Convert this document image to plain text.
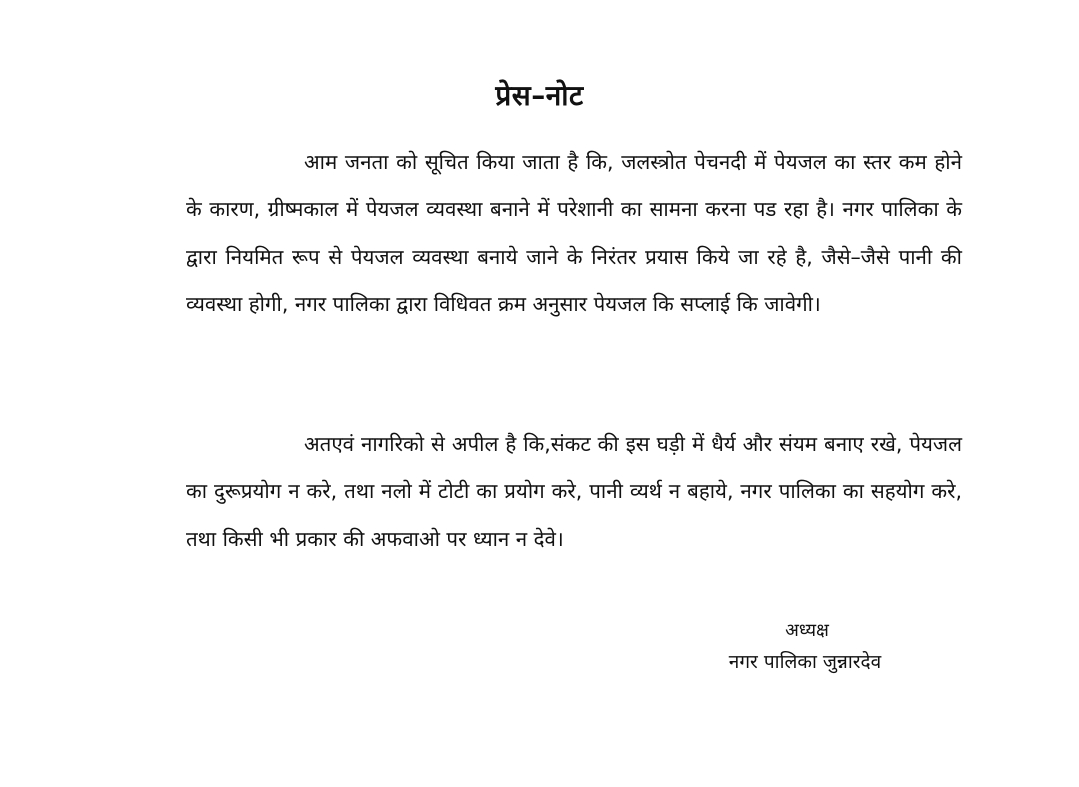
प्रेस–नोट

आम जनता को सूचित किया जाता है कि, जलस्त्रोत पेचनदी में पेयजल का स्तर कम होने के कारण, ग्रीष्मकाल में पेयजल व्यवस्था बनाने में परेशानी का सामना करना पड रहा है। नगर पालिका के द्वारा नियमित रूप से पेयजल व्यवस्था बनाये जाने के निरंतर प्रयास किये जा रहे है, जैसे–जैसे पानी की व्यवस्था होगी, नगर पालिका द्वारा विधिवत क्रम अनुसार पेयजल कि सप्लाई कि जावेगी।

अतएवं नागरिको से अपील है कि,संकट की इस घड़ी में धैर्य और संयम बनाए रखे, पेयजल का दुरूप्रयोग न करे, तथा नलो में टोटी का प्रयोग करे, पानी व्यर्थ न बहाये, नगर पालिका का सहयोग करे, तथा किसी भी प्रकार की अफवाओ पर ध्यान न देवे।

अध्यक्ष
नगर पालिका जुन्नारदेव
